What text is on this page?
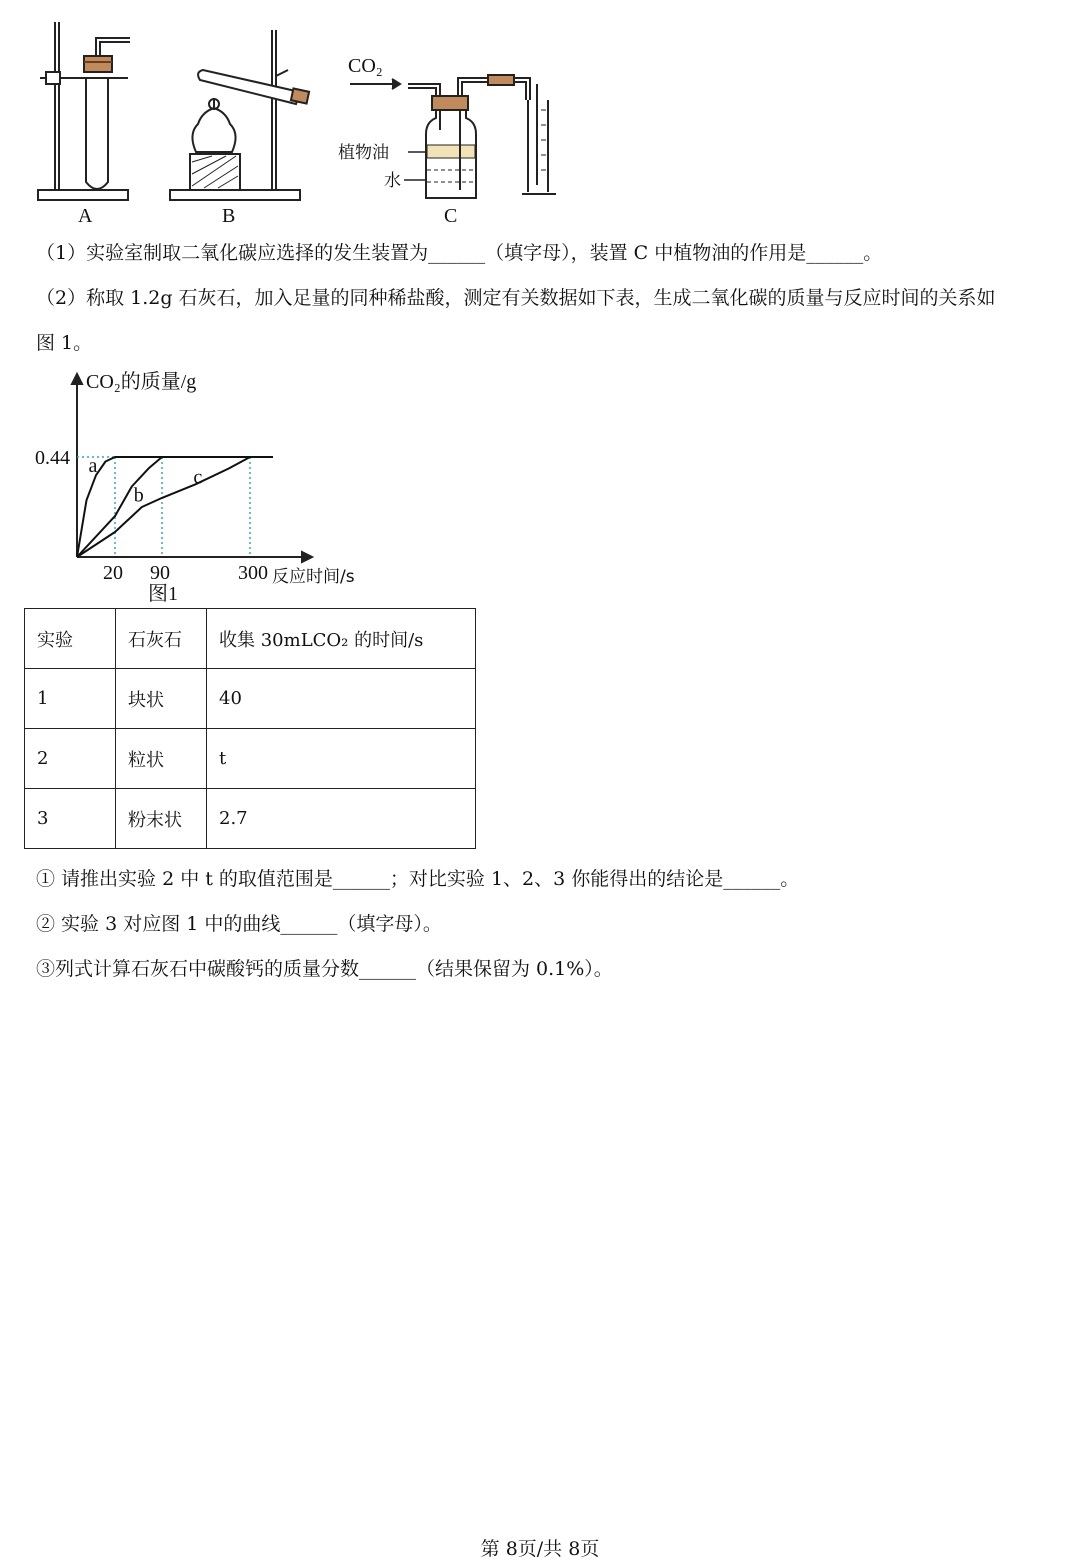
A	B
CO₂
植物油
水
C
（1）实验室制取二氧化碳应选择的发生装置为______（填字母），装置 C 中植物油的作用是______。
（2）称取 1.2g 石灰石，加入足量的同种稀盐酸，测定有关数据如下表，生成二氧化碳的质量与反应时间的关系如
图 1。
CO₂的质量/g
反应时间/s
图1
20 90	300
0.44 a
b
c
实验	石灰石	收集 30mLCO₂ 的时间/s
1	块状	40
2	粒状	t
3	粉末状	2.7
① 请推出实验 2 中 t 的取值范围是______；对比实验 1、2、3 你能得出的结论是______。
② 实验 3 对应图 1 中的曲线______（填字母）。
③列式计算石灰石中碳酸钙的质量分数______（结果保留为 0.1%）。
第 8页/共 8页
